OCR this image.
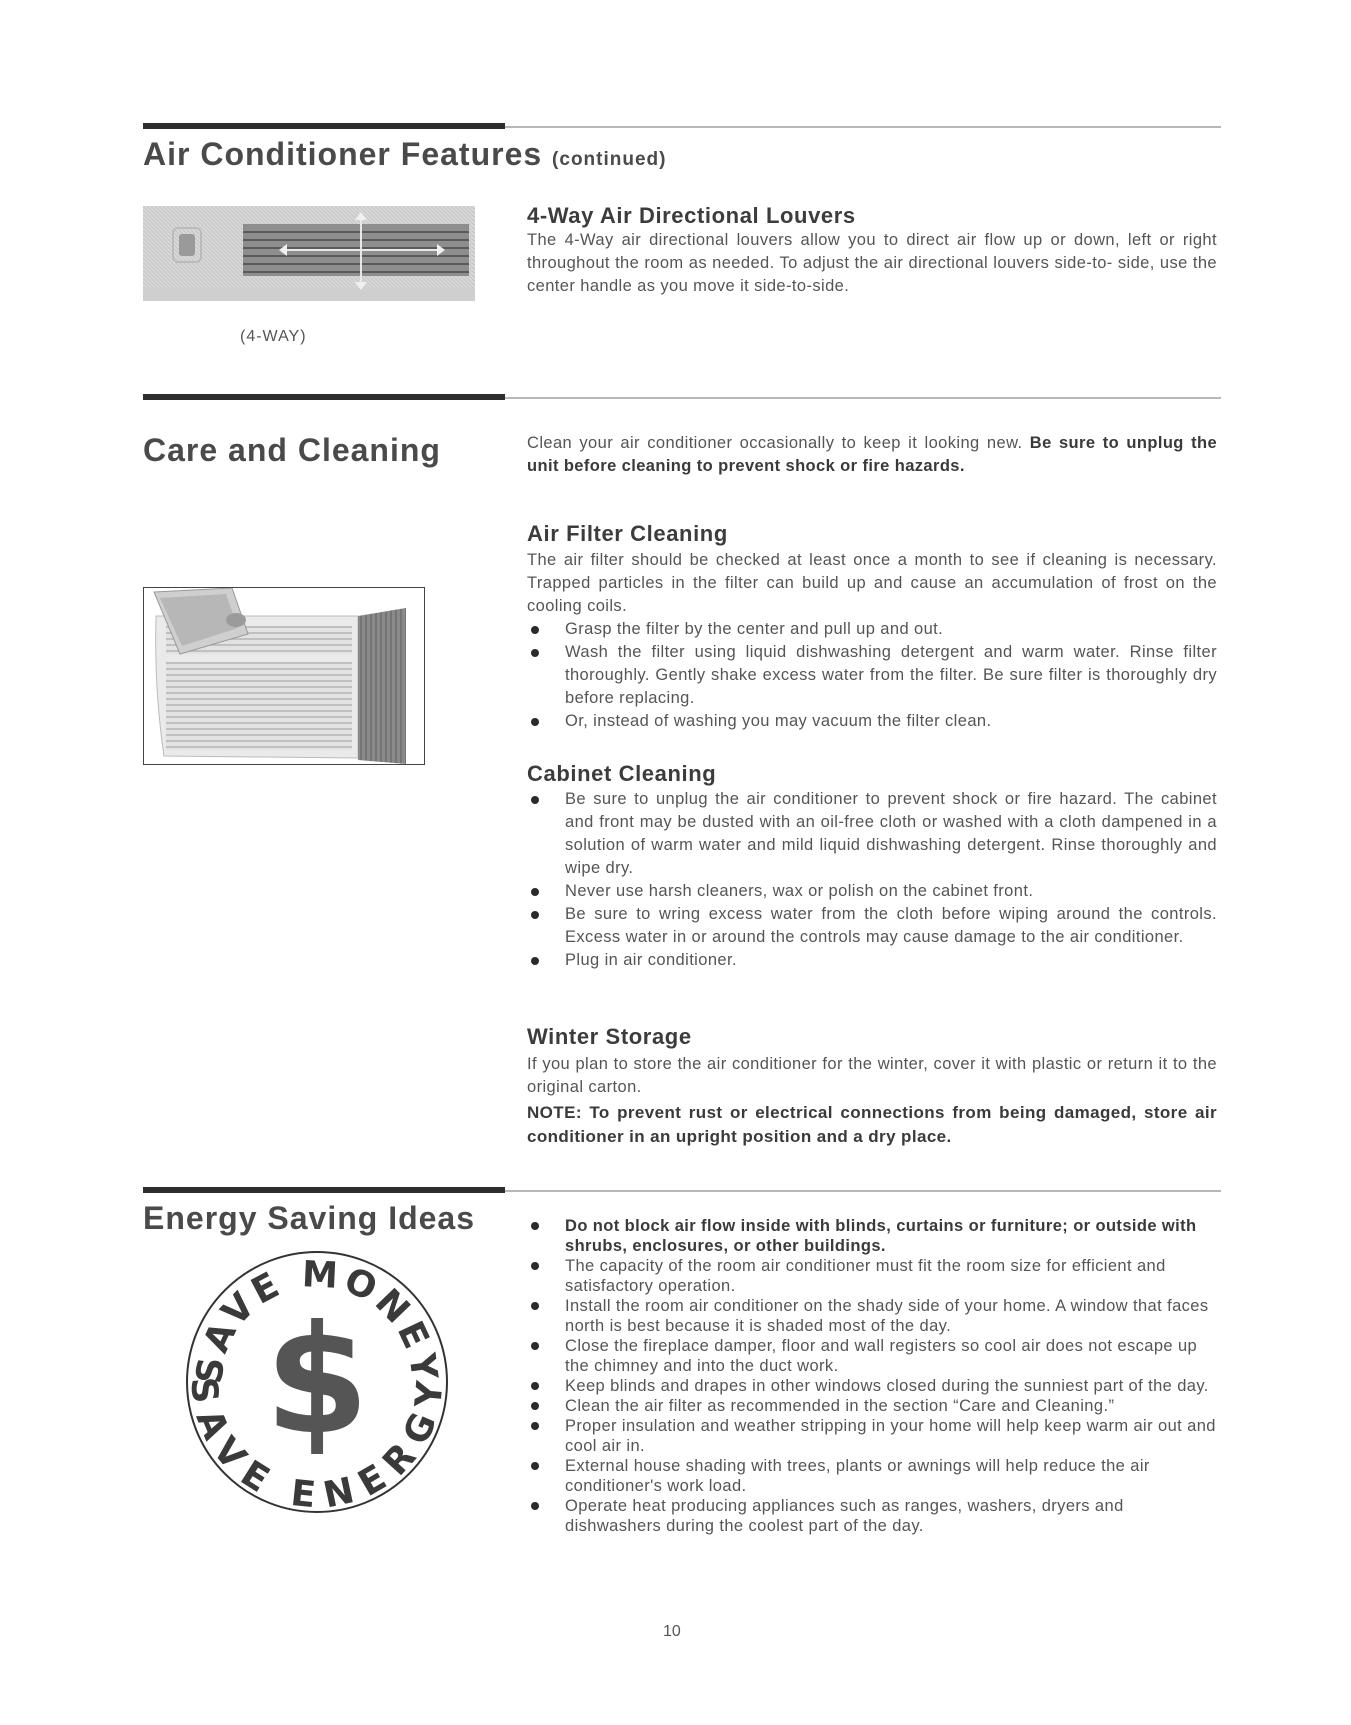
Air Conditioner Features (continued)
(4-WAY)
4-Way Air Directional Louvers
The 4-Way air directional louvers allow you to direct air flow up or down, left or right throughout the room as needed. To adjust the air directional louvers side-to- side, use the center handle as you move it side-to-side.
Care and Cleaning	Clean your air conditioner occasionally to keep it looking new. Be sure to unplug the unit before cleaning to prevent shock or fire hazards.
Air Filter Cleaning
The air filter should be checked at least once a month to see if cleaning is necessary. Trapped particles in the filter can build up and cause an accumulation of frost on the cooling coils.
Grasp the filter by the center and pull up and out.
Wash the filter using liquid dishwashing detergent and warm water. Rinse filter thoroughly. Gently shake excess water from the filter. Be sure filter is thoroughly dry before replacing.
Or, instead of washing you may vacuum the filter clean.
Cabinet Cleaning
Be sure to unplug the air conditioner to prevent shock or fire hazard. The cabinet and front may be dusted with an oil-free cloth or washed with a cloth dampened in a solution of warm water and mild liquid dishwashing detergent. Rinse thoroughly and wipe dry.
Never use harsh cleaners, wax or polish on the cabinet front.
Be sure to wring excess water from the cloth before wiping around the controls. Excess water in or around the controls may cause damage to the air conditioner.
Plug in air conditioner.
Winter Storage
If you plan to store the air conditioner for the winter, cover it with plastic or return it to the original carton.
NOTE: To prevent rust or electrical connections from being damaged, store air conditioner in an upright position and a dry place.
Energy Saving Ideas
SAVE MONEY
SAVE ENERGY
$
Do not block air flow inside with blinds, curtains or furniture; or outside with shrubs, enclosures, or other buildings.
The capacity of the room air conditioner must fit the room size for efficient and satisfactory operation.
Install the room air conditioner on the shady side of your home. A window that faces north is best because it is shaded most of the day.
Close the fireplace damper, floor and wall registers so cool air does not escape up the chimney and into the duct work.
Keep blinds and drapes in other windows closed during the sunniest part of the day.
Clean the air filter as recommended in the section “Care and Cleaning.”
Proper insulation and weather stripping in your home will help keep warm air out and cool air in.
External house shading with trees, plants or awnings will help reduce the air conditioner's work load.
Operate heat producing appliances such as ranges, washers, dryers and dishwashers during the coolest part of the day.
10
